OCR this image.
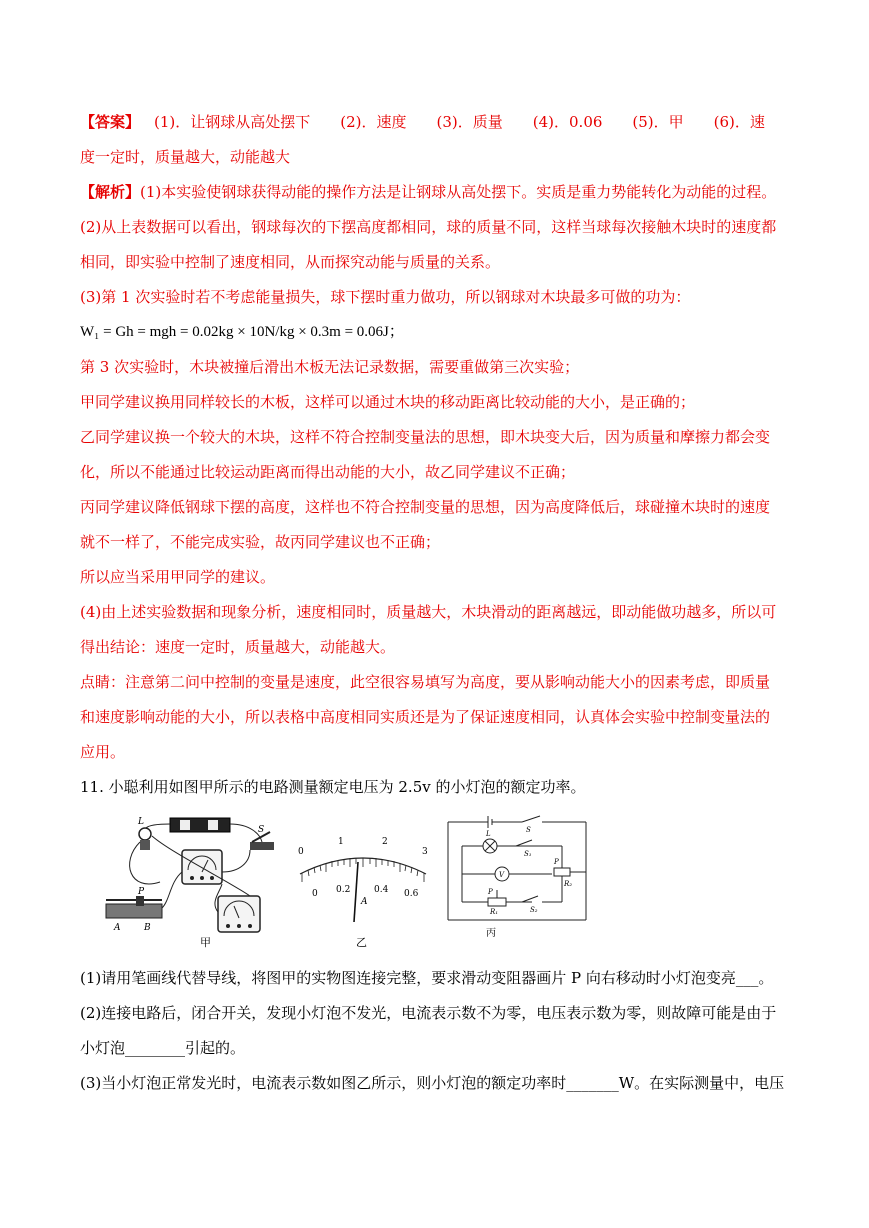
【答案】 (1)．让钢球从高处摆下　　(2)．速度　　(3)．质量　　(4)．0.06　　(5)．甲　　(6)．速
度一定时，质量越大，动能越大
【解析】(1)本实验使钢球获得动能的操作方法是让钢球从高处摆下。实质是重力势能转化为动能的过程。
(2)从上表数据可以看出，钢球每次的下摆高度都相同，球的质量不同，这样当球每次接触木块时的速度都
相同，即实验中控制了速度相同，从而探究动能与质量的关系。
(3)第 1 次实验时若不考虑能量损失，球下摆时重力做功，所以钢球对木块最多可做的功为：
W₁ = Gh = mgh = 0.02kg × 10N/kg × 0.3m = 0.06J；
第 3 次实验时，木块被撞后滑出木板无法记录数据，需要重做第三次实验；
甲同学建议换用同样较长的木板，这样可以通过木块的移动距离比较动能的大小，是正确的；
乙同学建议换一个较大的木块，这样不符合控制变量法的思想，即木块变大后，因为质量和摩擦力都会变
化，所以不能通过比较运动距离而得出动能的大小，故乙同学建议不正确；
丙同学建议降低钢球下摆的高度，这样也不符合控制变量的思想，因为高度降低后，球碰撞木块时的速度
就不一样了，不能完成实验，故丙同学建议也不正确；
所以应当采用甲同学的建议。
(4)由上述实验数据和现象分析，速度相同时，质量越大，木块滑动的距离越远，即动能做功越多，所以可
得出结论：速度一定时，质量越大，动能越大。
点睛：注意第二问中控制的变量是速度，此空很容易填写为高度，要从影响动能大小的因素考虑，即质量
和速度影响动能的大小，所以表格中高度相同实质还是为了保证速度相同，认真体会实验中控制变量法的
应用。
11. 小聪利用如图甲所示的电路测量额定电压为 2.5v 的小灯泡的额定功率。
L
S
P
A	B
甲
0
1	2
3
0 0.2	0.4 0.6
A
乙
S
L
S₁
V
P
R₂
P
R₁	S₂
丙
(1)请用笔画线代替导线，将图甲的实物图连接完整，要求滑动变阻器画片 P 向右移动时小灯泡变亮___。
(2)连接电路后，闭合开关，发现小灯泡不发光，电流表示数不为零，电压表示数为零，则故障可能是由于
小灯泡________引起的。
(3)当小灯泡正常发光时，电流表示数如图乙所示，则小灯泡的额定功率时_______W。在实际测量中，电压
